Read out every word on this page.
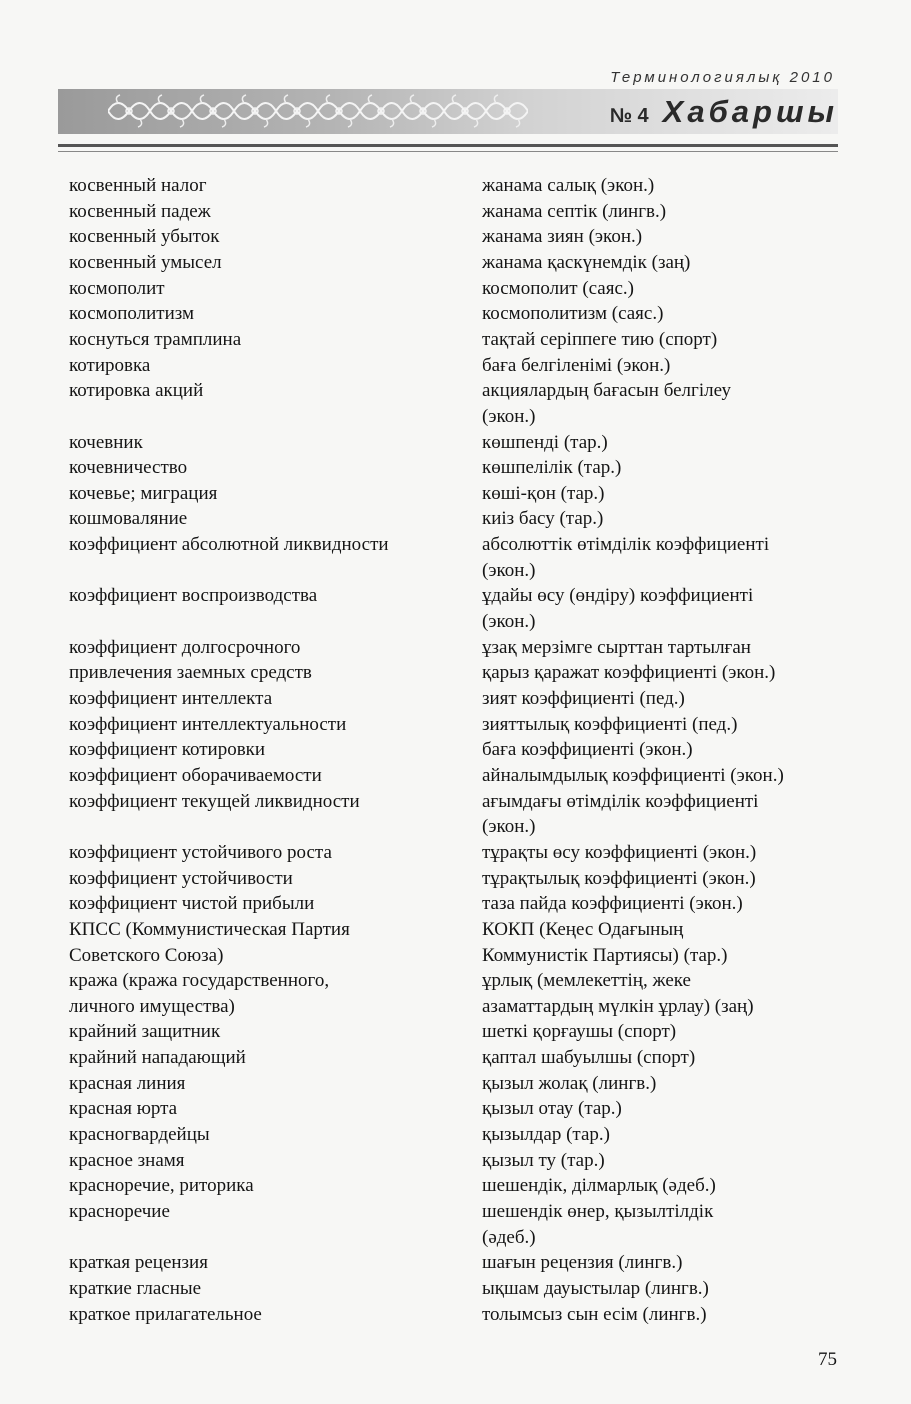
Терминологиялық 2010
№ 4 Хабаршы
косвенный налог	жанама салық (экон.)
косвенный падеж	жанама септік (лингв.)
косвенный убыток	жанама зиян (экон.)
косвенный умысел	жанама қаскүнемдік (заң)
космополит	космополит (саяс.)
космополитизм	космополитизм (саяс.)
коснуться трамплина	тақтай серіппеге тию (спорт)
котировка	баға белгіленімі (экон.)
котировка акций	акциялардың бағасын белгілеу
(экон.)
кочевник	көшпенді (тар.)
кочевничество	көшпелілік (тар.)
кочевье; миграция	көші-қон (тар.)
кошмоваляние	киіз басу (тар.)
коэффициент абсолютной ликвидности	абсолюттік өтімділік коэффициенті
(экон.)
коэффициент воспроизводства	ұдайы өсу (өндіру) коэффициенті
(экон.)
коэффициент долгосрочного	ұзақ мерзімге сырттан тартылған
привлечения заемных средств	қарыз қаражат коэффициенті (экон.)
коэффициент интеллекта	зият коэффициенті (пед.)
коэффициент интеллектуальности	зияттылық коэффициенті (пед.)
коэффициент котировки	баға коэффициенті (экон.)
коэффициент оборачиваемости	айналымдылық коэффициенті (экон.)
коэффициент текущей ликвидности	ағымдағы өтімділік коэффициенті
(экон.)
коэффициент устойчивого роста	тұрақты өсу коэффициенті (экон.)
коэффициент устойчивости	тұрақтылық коэффициенті (экон.)
коэффициент чистой прибыли	таза пайда коэффициенті (экон.)
КПСС (Коммунистическая Партия	КОКП (Кеңес Одағының
Советского Союза)	Коммунистік Партиясы) (тар.)
кража (кража государственного,	ұрлық (мемлекеттің, жеке
личного имущества)	азаматтардың мүлкін ұрлау) (заң)
крайний защитник	шеткі қорғаушы (спорт)
крайний нападающий	қаптал шабуылшы (спорт)
красная линия	қызыл жолақ (лингв.)
красная юрта	қызыл отау (тар.)
красногвардейцы	қызылдар (тар.)
красное знамя	қызыл ту (тар.)
красноречие, риторика	шешендік, ділмарлық (әдеб.)
красноречие	шешендік өнер, қызылтілдік
(әдеб.)
краткая рецензия	шағын рецензия (лингв.)
краткие гласные	ықшам дауыстылар (лингв.)
краткое прилагательное	толымсыз сын есім (лингв.)
75
